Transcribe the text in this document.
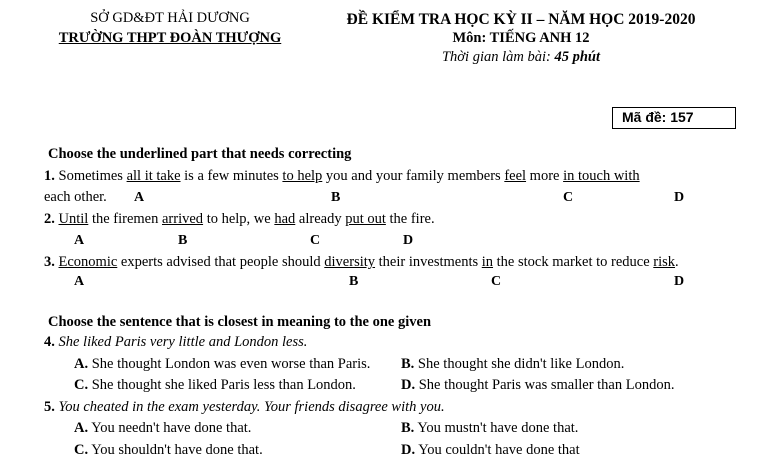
SỞ GD&ĐT HẢI DƯƠNG
TRƯỜNG THPT ĐOÀN THƯỢNG
ĐỀ KIỂM TRA HỌC KỲ II – NĂM HỌC 2019-2020
Môn: TIẾNG ANH 12
Thời gian làm bài: 45 phút
Mã đề: 157
Choose the underlined part that needs correcting
1. Sometimes all it take is a few minutes to help you and your family members feel more in touch with
each other. A	B	C	D
2. Until the firemen arrived to help, we had already put out the fire.
A	B	C	D
3. Economic experts advised that people should diversity their investments in the stock market to reduce risk.
A	B	C	D
Choose the sentence that is closest in meaning to the one given
4. She liked Paris very little and London less.
A. She thought London was even worse than Paris. B. She thought she didn't like London.
C. She thought she liked Paris less than London.	D. She thought Paris was smaller than London.
5. You cheated in the exam yesterday. Your friends disagree with you.
A. You needn't have done that.	B. You mustn't have done that.
C. You shouldn't have done that.	D. You couldn't have done that
